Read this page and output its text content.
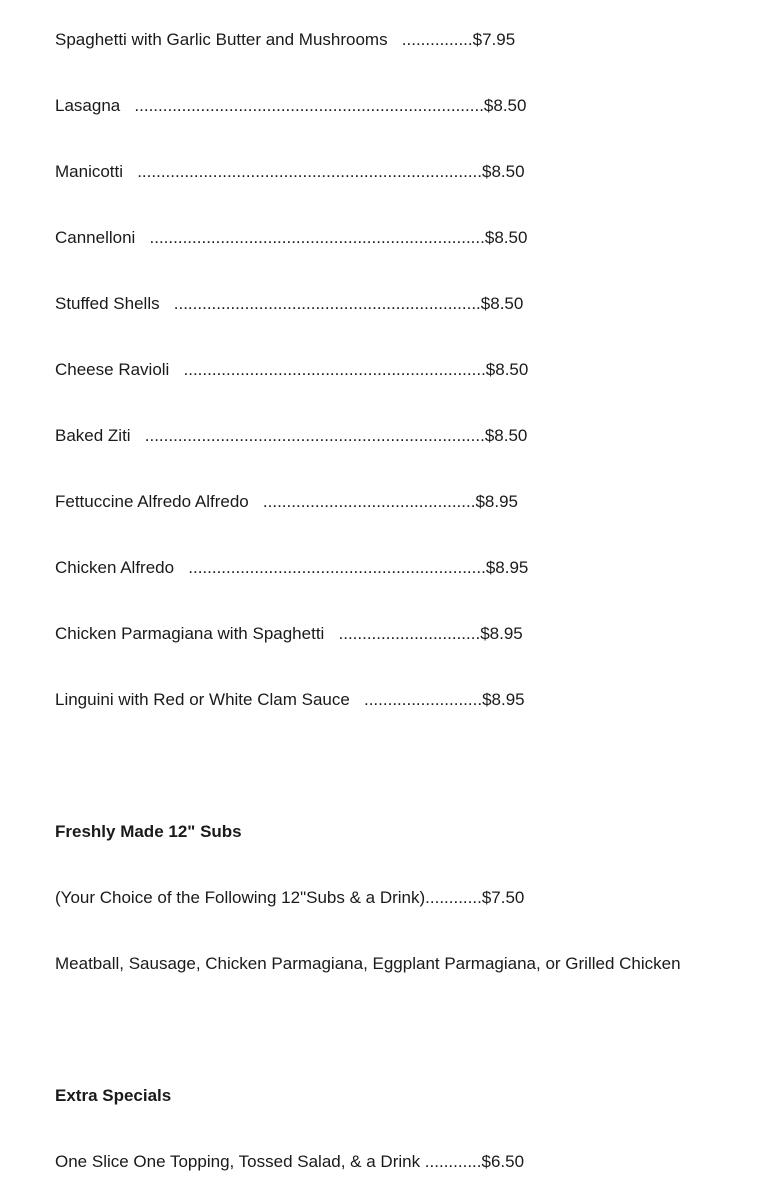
Spaghetti with Garlic Butter and Mushrooms   ...............$7.95

Lasagna   ..........................................................................$8.50

Manicotti   .........................................................................$8.50

Cannelloni   .......................................................................$8.50

Stuffed Shells   .................................................................$8.50

Cheese Ravioli   ................................................................$8.50

Baked Ziti   ........................................................................$8.50

Fettuccine Alfredo Alfredo   .............................................$8.95

Chicken Alfredo   ...............................................................$8.95

Chicken Parmagiana with Spaghetti   ..............................$8.95

Linguini with Red or White Clam Sauce   .........................$8.95

Freshly Made 12" Subs

(Your Choice of the Following 12"Subs & a Drink)............$7.50

Meatball, Sausage, Chicken Parmagiana, Eggplant Parmagiana, or Grilled Chicken

Extra Specials

One Slice One Topping, Tossed Salad, & a Drink ............$6.50
